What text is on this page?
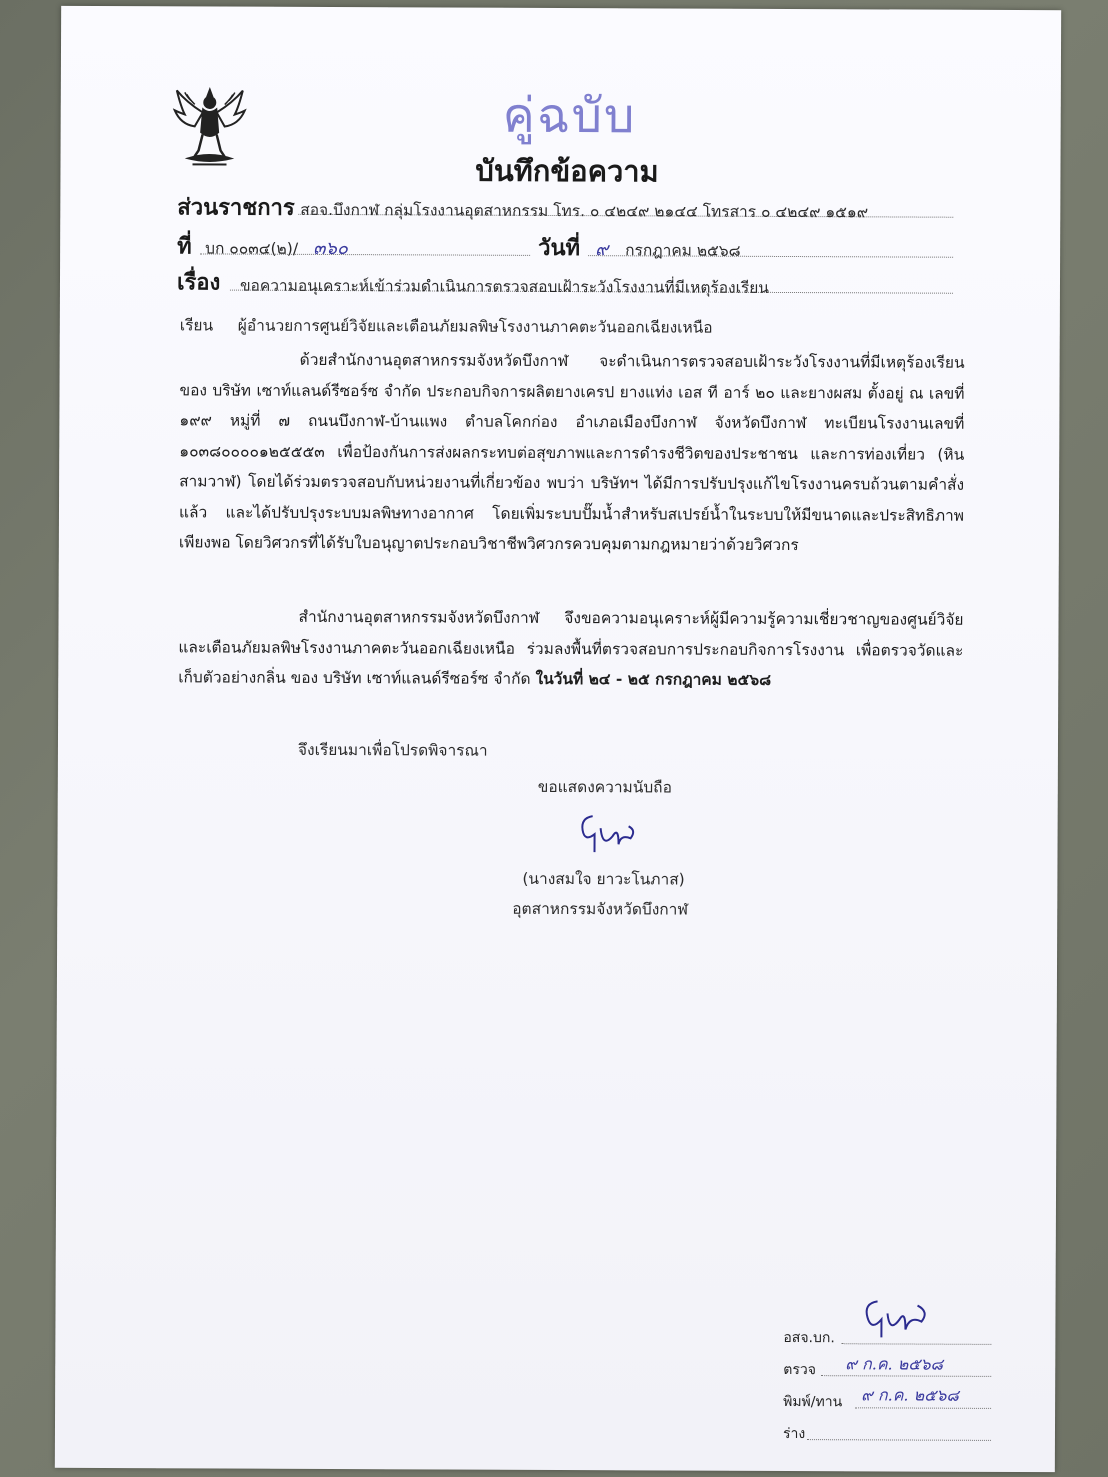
คู่ฉบับ
บันทึกข้อความ
ส่วนราชการ สอจ.บึงกาฬ กลุ่มโรงงานอุตสาหกรรม โทร. ๐ ๔๒๔๙ ๒๑๔๔ โทรสาร ๐ ๔๒๔๙ ๑๕๑๙
ที่ บก ๐๐๓๔(๒)/ ๓๖๐	วันที่ ๙ กรกฎาคม ๒๕๖๘
เรื่อง ขอความอนุเคราะห์เข้าร่วมดำเนินการตรวจสอบเฝ้าระวังโรงงานที่มีเหตุร้องเรียน
เรียน ผู้อำนวยการศูนย์วิจัยและเตือนภัยมลพิษโรงงานภาคตะวันออกเฉียงเหนือ

ด้วยสำนักงานอุตสาหกรรมจังหวัดบึงกาฬ จะดำเนินการตรวจสอบเฝ้าระวังโรงงานที่มีเหตุร้องเรียน ของ บริษัท เซาท์แลนด์รีซอร์ซ จำกัด ประกอบกิจการผลิตยางเครป ยางแท่ง เอส ที อาร์ ๒๐ และยางผสม ตั้งอยู่ ณ เลขที่ ๑๙๙ หมู่ที่ ๗ ถนนบึงกาฬ-บ้านแพง ตำบลโคกก่อง อำเภอเมืองบึงกาฬ จังหวัดบึงกาฬ ทะเบียนโรงงานเลขที่ ๑๐๓๘๐๐๐๐๑๒๕๕๕๓ เพื่อป้องกันการส่งผลกระทบต่อสุขภาพและการดำรงชีวิตของประชาชน และการท่องเที่ยว (หินสามวาฬ) โดยได้ร่วมตรวจสอบกับหน่วยงานที่เกี่ยวข้อง พบว่า บริษัทฯ ได้มีการปรับปรุงแก้ไขโรงงานครบถ้วนตามคำสั่งแล้ว และได้ปรับปรุงระบบมลพิษทางอากาศ โดยเพิ่มระบบปั๊มน้ำสำหรับสเปรย์น้ำในระบบให้มีขนาดและประสิทธิภาพเพียงพอ โดยวิศวกรที่ได้รับใบอนุญาตประกอบวิชาชีพวิศวกรควบคุมตามกฎหมายว่าด้วยวิศวกร

สำนักงานอุตสาหกรรมจังหวัดบึงกาฬ จึงขอความอนุเคราะห์ผู้มีความรู้ความเชี่ยวชาญของศูนย์วิจัยและเตือนภัยมลพิษโรงงานภาคตะวันออกเฉียงเหนือ ร่วมลงพื้นที่ตรวจสอบการประกอบกิจการโรงงาน เพื่อตรวจวัดและเก็บตัวอย่างกลิ่น ของ บริษัท เซาท์แลนด์รีซอร์ซ จำกัด ในวันที่ ๒๔ - ๒๕ กรกฎาคม ๒๕๖๘

จึงเรียนมาเพื่อโปรดพิจารณา
ขอแสดงความนับถือ
(นางสมใจ ยาวะโนภาส)
อุตสาหกรรมจังหวัดบึงกาฬ
อสจ.บก.
ตรวจ ๙ ก.ค. ๒๕๖๘
พิมพ์/ทาน ๙ ก.ค. ๒๕๖๘
ร่าง
